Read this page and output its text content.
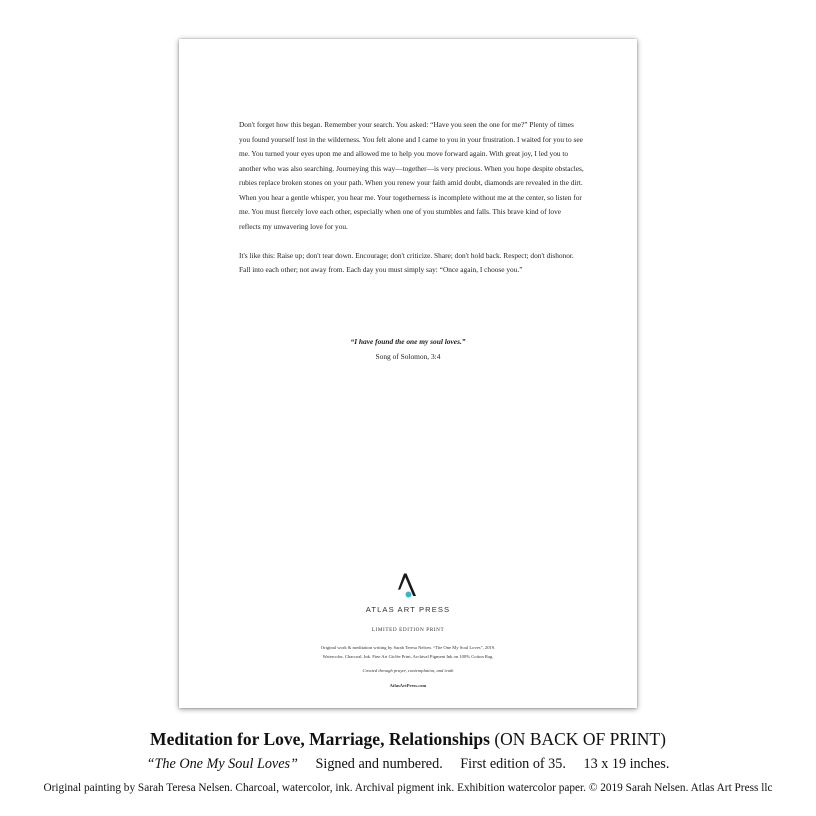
Don't forget how this began. Remember your search. You asked: “Have you seen the one for me?” Plenty of times you found yourself lost in the wilderness. You felt alone and I came to you in your frustration. I waited for you to see me. You turned your eyes upon me and allowed me to help you move forward again. With great joy, I led you to another who was also searching. Journeying this way—together—is very precious. When you hope despite obstacles, rubies replace broken stones on your path. When you renew your faith amid doubt, diamonds are revealed in the dirt. When you hear a gentle whisper, you hear me. Your togetherness is incomplete without me at the center, so listen for me. You must fiercely love each other, especially when one of you stumbles and falls. This brave kind of love reflects my unwavering love for you.

It's like this: Raise up; don't tear down. Encourage; don't criticize. Share; don't hold back. Respect; don't dishonor. Fall into each other; not away from. Each day you must simply say: “Once again, I choose you.”

“I have found the one my soul loves.”
Song of Solomon, 3:4
ATLAS ART PRESS
LIMITED EDITION PRINT
Original work & meditation writing by Sarah Teresa Nelsen. “The One My Soul Loves”, 2019.
Watercolor, Charcoal, Ink. Fine Art Giclée Print, Archival Pigment Ink on 100% Cotton Rag.
Created through prayer, contemplation, and truth
AtlasArtPress.com
Meditation for Love, Marriage, Relationships (ON BACK OF PRINT)
“The One My Soul Loves” Signed and numbered. First edition of 35. 13 x 19 inches.
Original painting by Sarah Teresa Nelsen. Charcoal, watercolor, ink. Archival pigment ink. Exhibition watercolor paper. © 2019 Sarah Nelsen. Atlas Art Press llc
